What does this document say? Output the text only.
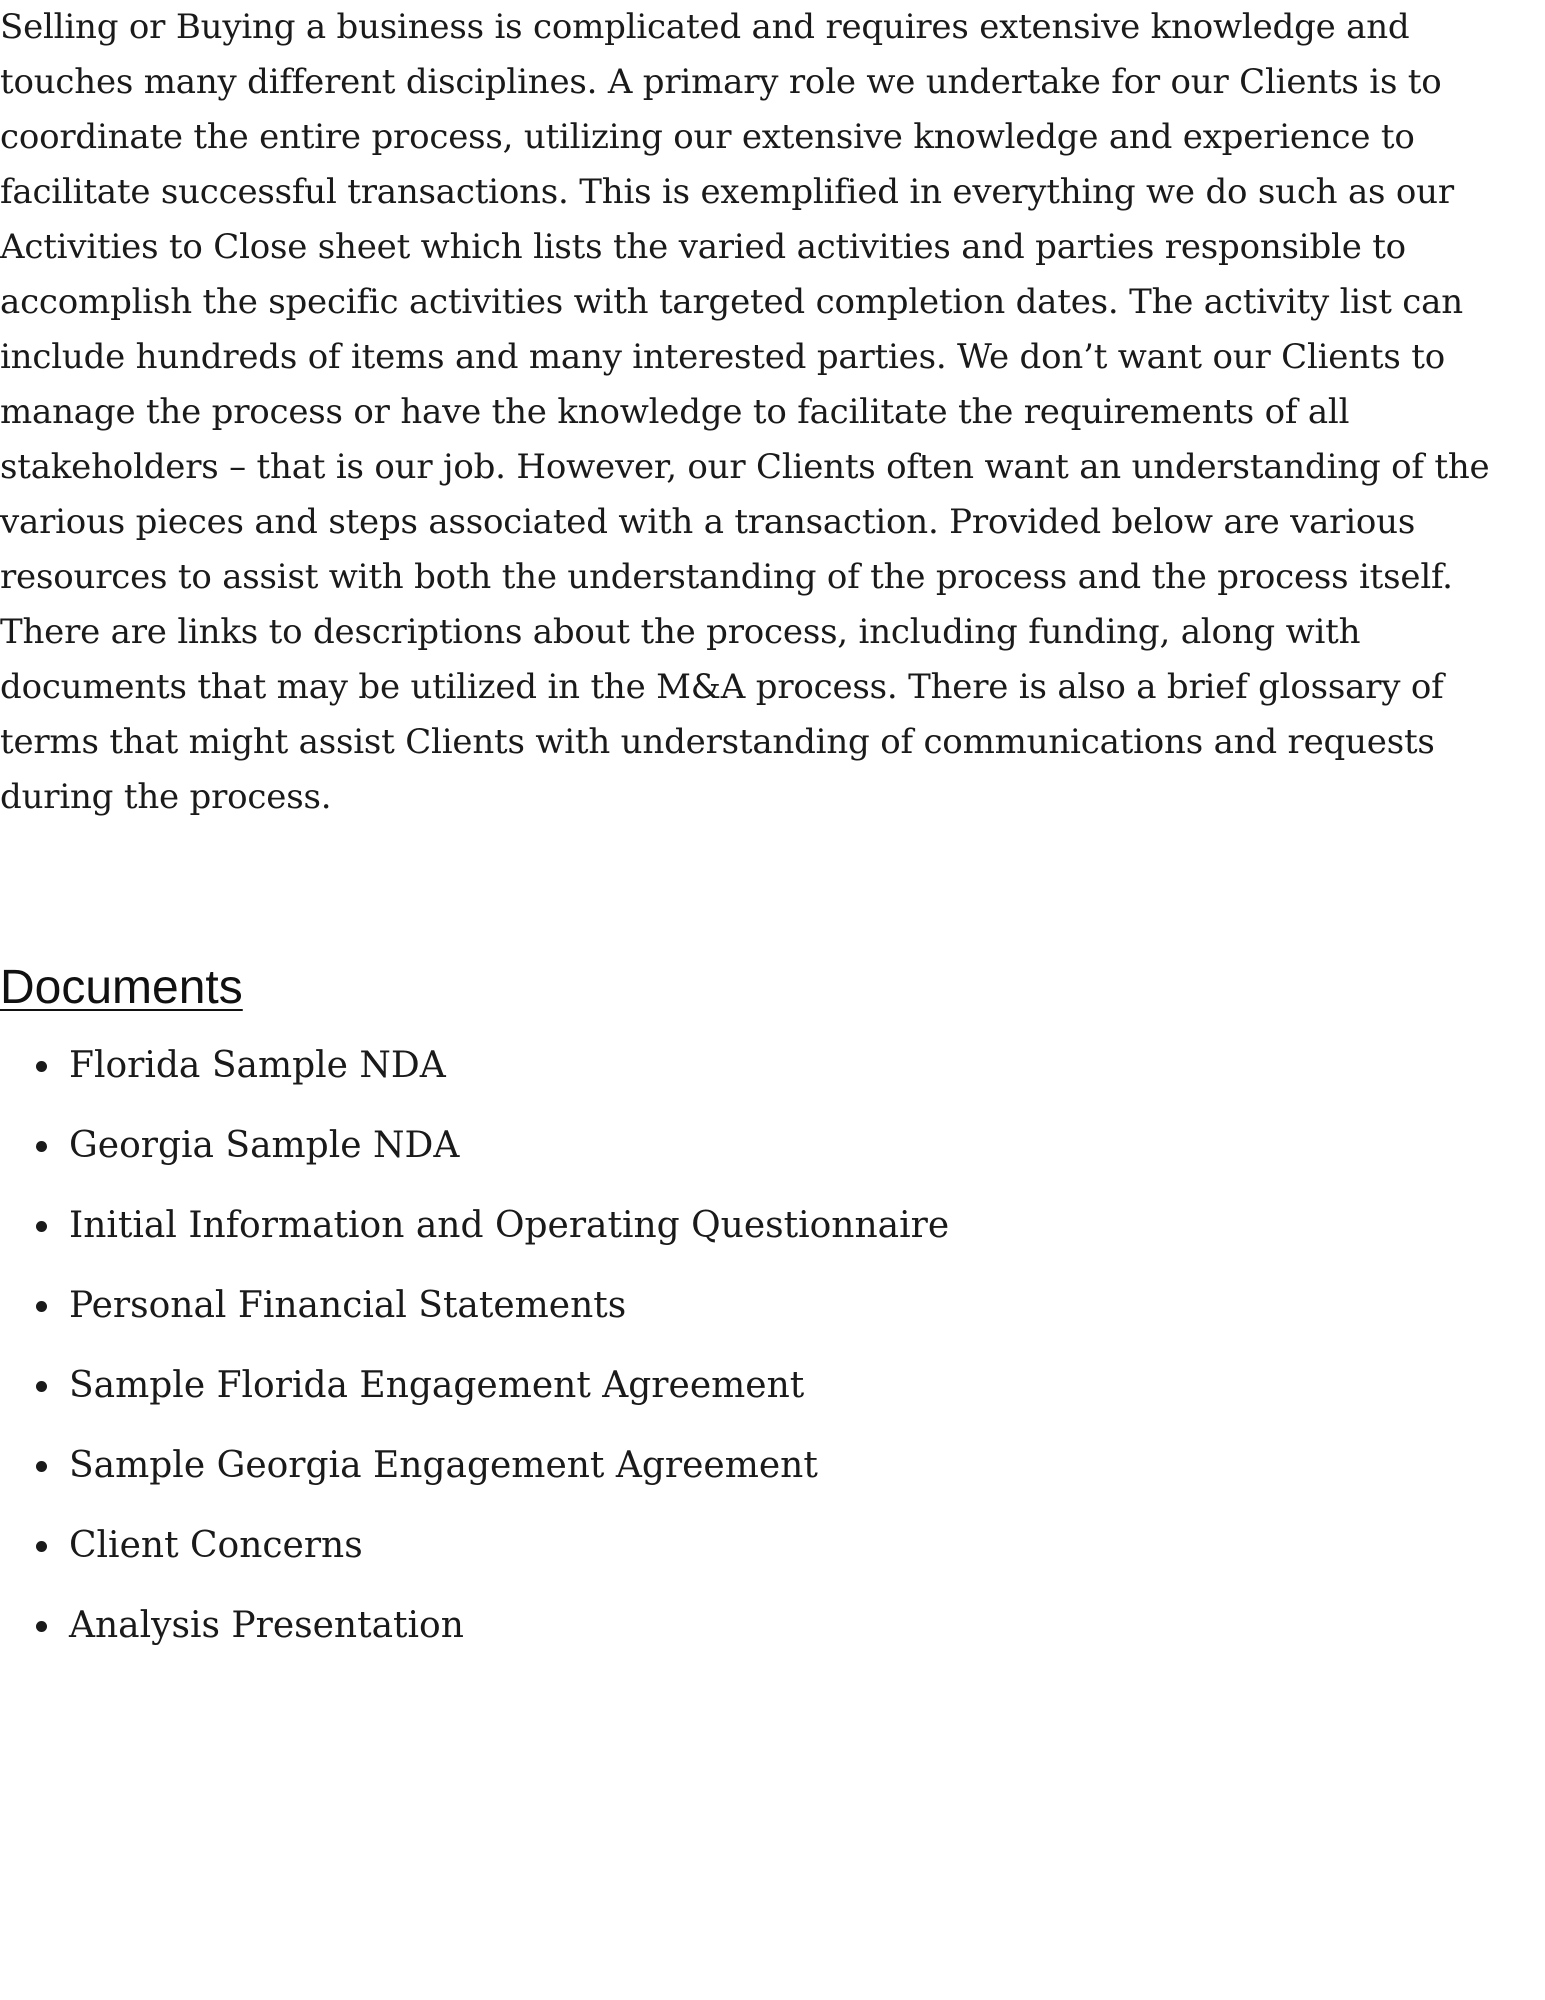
Selling or Buying a business is complicated and requires extensive knowledge and touches many different disciplines. A primary role we undertake for our Clients is to coordinate the entire process, utilizing our extensive knowledge and experience to facilitate successful transactions. This is exemplified in everything we do such as our Activities to Close sheet which lists the varied activities and parties responsible to accomplish the specific activities with targeted completion dates. The activity list can include hundreds of items and many interested parties. We don’t want our Clients to manage the process or have the knowledge to facilitate the requirements of all stakeholders – that is our job. However, our Clients often want an understanding of the various pieces and steps associated with a transaction. Provided below are various resources to assist with both the understanding of the process and the process itself. There are links to descriptions about the process, including funding, along with documents that may be utilized in the M&A process. There is also a brief glossary of terms that might assist Clients with understanding of communications and requests during the process.

Documents
Florida Sample NDA
Georgia Sample NDA
Initial Information and Operating Questionnaire
Personal Financial Statements
Sample Florida Engagement Agreement
Sample Georgia Engagement Agreement
Client Concerns
Analysis Presentation
